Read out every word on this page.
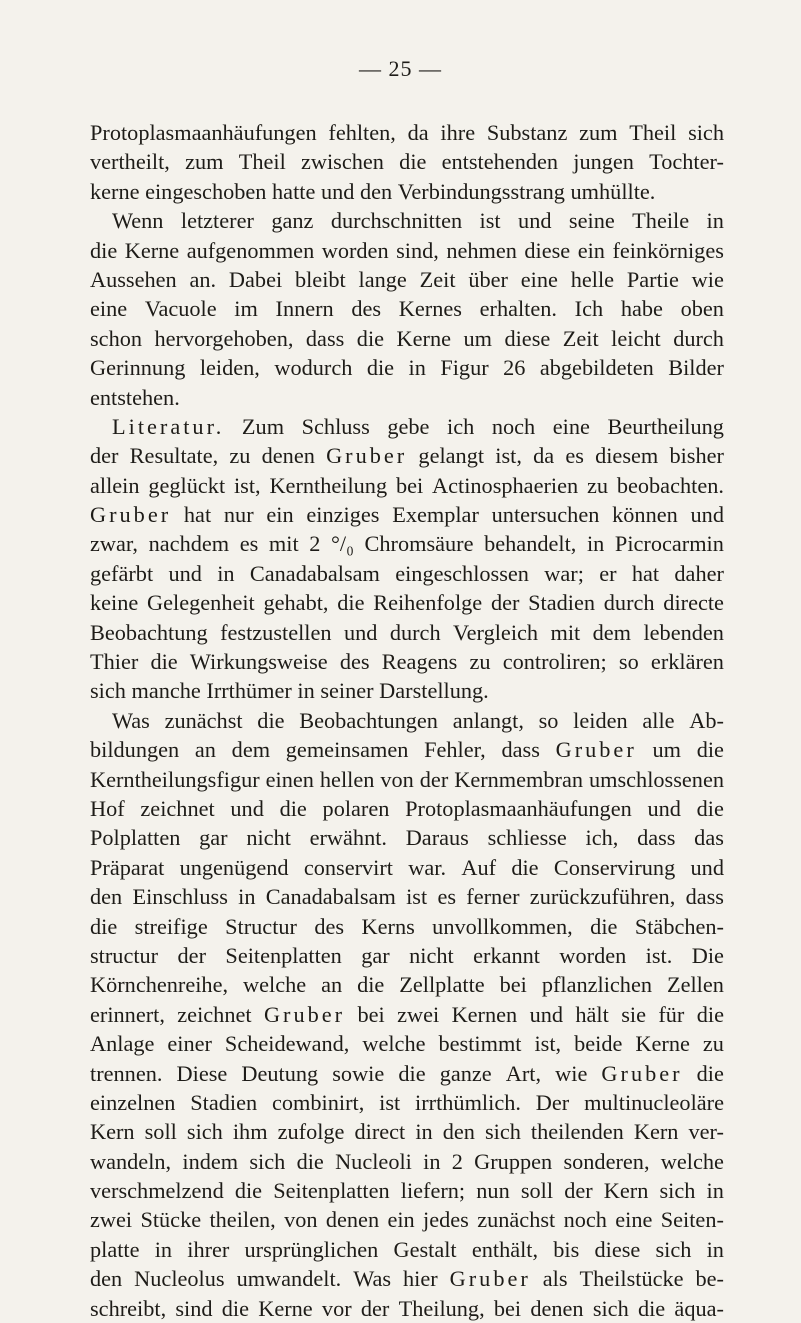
— 25 —
Protoplasmaanhäufungen fehlten, da ihre Substanz zum Theil sich
vertheilt, zum Theil zwischen die entstehenden jungen Tochter-
kerne eingeschoben hatte und den Verbindungsstrang umhüllte.
Wenn letzterer ganz durchschnitten ist und seine Theile in
die Kerne aufgenommen worden sind, nehmen diese ein feinkörniges
Aussehen an. Dabei bleibt lange Zeit über eine helle Partie wie
eine Vacuole im Innern des Kernes erhalten. Ich habe oben
schon hervorgehoben, dass die Kerne um diese Zeit leicht durch
Gerinnung leiden, wodurch die in Figur 26 abgebildeten Bilder
entstehen.
Literatur. Zum Schluss gebe ich noch eine Beurtheilung
der Resultate, zu denen Gruber gelangt ist, da es diesem bisher
allein geglückt ist, Kerntheilung bei Actinosphaerien zu beobachten.
Gruber hat nur ein einziges Exemplar untersuchen können und
zwar, nachdem es mit 2 °/₀ Chromsäure behandelt, in Picrocarmin
gefärbt und in Canadabalsam eingeschlossen war; er hat daher
keine Gelegenheit gehabt, die Reihenfolge der Stadien durch directe
Beobachtung festzustellen und durch Vergleich mit dem lebenden
Thier die Wirkungsweise des Reagens zu controliren; so erklären
sich manche Irrthümer in seiner Darstellung.
Was zunächst die Beobachtungen anlangt, so leiden alle Ab-
bildungen an dem gemeinsamen Fehler, dass Gruber um die
Kerntheilungsfigur einen hellen von der Kernmembran umschlossenen
Hof zeichnet und die polaren Protoplasmaanhäufungen und die
Polplatten gar nicht erwähnt. Daraus schliesse ich, dass das
Präparat ungenügend conservirt war. Auf die Conservirung und
den Einschluss in Canadabalsam ist es ferner zurückzuführen, dass
die streifige Structur des Kerns unvollkommen, die Stäbchen-
structur der Seitenplatten gar nicht erkannt worden ist. Die
Körnchenreihe, welche an die Zellplatte bei pflanzlichen Zellen
erinnert, zeichnet Gruber bei zwei Kernen und hält sie für die
Anlage einer Scheidewand, welche bestimmt ist, beide Kerne zu
trennen. Diese Deutung sowie die ganze Art, wie Gruber die
einzelnen Stadien combinirt, ist irrthümlich. Der multinucleoläre
Kern soll sich ihm zufolge direct in den sich theilenden Kern ver-
wandeln, indem sich die Nucleoli in 2 Gruppen sonderen, welche
verschmelzend die Seitenplatten liefern; nun soll der Kern sich in
zwei Stücke theilen, von denen ein jedes zunächst noch eine Seiten-
platte in ihrer ursprünglichen Gestalt enthält, bis diese sich in
den Nucleolus umwandelt. Was hier Gruber als Theilstücke be-
schreibt, sind die Kerne vor der Theilung, bei denen sich die äqua-
